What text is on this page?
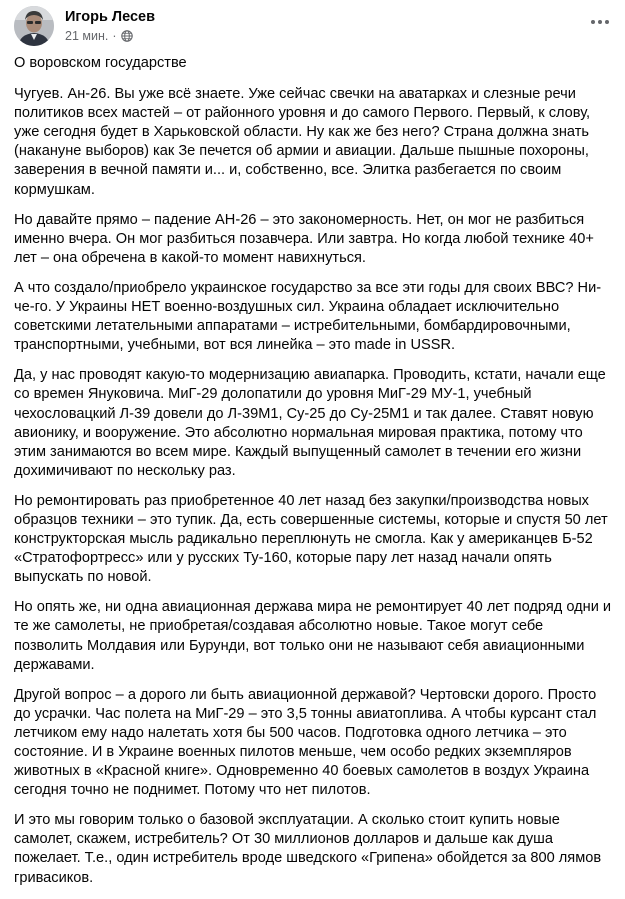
Игорь Лесев
21 мин. ·

О воровском государстве

Чугуев. Ан-26. Вы уже всё знаете. Уже сейчас свечки на аватарках и слезные речи политиков всех мастей – от районного уровня и до самого Первого. Первый, к слову, уже сегодня будет в Харьковской области. Ну как же без него? Страна должна знать (накануне выборов) как Зе печется об армии и авиации. Дальше пышные похороны, заверения в вечной памяти и... и, собственно, все. Элитка разбегается по своим кормушкам.

Но давайте прямо – падение АН-26 – это закономерность. Нет, он мог не разбиться именно вчера. Он мог разбиться позавчера. Или завтра. Но когда любой технике 40+ лет – она обречена в какой-то момент навихнуться.

А что создало/приобрело украинское государство за все эти годы для своих ВВС? Ни-че-го. У Украины НЕТ военно-воздушных сил. Украина обладает исключительно советскими летательными аппаратами – истребительными, бомбардировочными, транспортными, учебными, вот вся линейка – это made in USSR.

Да, у нас проводят какую-то модернизацию авиапарка. Проводить, кстати, начали еще со времен Януковича. МиГ-29 долопатили до уровня МиГ-29 МУ-1, учебный чехословацкий Л-39 довели до Л-39М1, Су-25 до Су-25М1 и так далее. Ставят новую авионику, и вооружение. Это абсолютно нормальная мировая практика, потому что этим занимаются во всем мире. Каждый выпущенный самолет в течении его жизни дохимичивают по нескольку раз.

Но ремонтировать раз приобретенное 40 лет назад без закупки/производства новых образцов техники – это тупик. Да, есть совершенные системы, которые и спустя 50 лет конструкторская мысль радикально переплюнуть не смогла. Как у американцев Б-52 «Стратофортресс» или у русских Ту-160, которые пару лет назад начали опять выпускать по новой.

Но опять же, ни одна авиационная держава мира не ремонтирует 40 лет подряд одни и те же самолеты, не приобретая/создавая абсолютно новые. Такое могут себе позволить Молдавия или Бурунди, вот только они не называют себя авиационными державами.

Другой вопрос – а дорого ли быть авиационной державой? Чертовски дорого. Просто до усрачки. Час полета на МиГ-29 – это 3,5 тонны авиатоплива. А чтобы курсант стал летчиком ему надо налетать хотя бы 500 часов. Подготовка одного летчика – это состояние. И в Украине военных пилотов меньше, чем особо редких экземпляров животных в «Красной книге». Одновременно 40 боевых самолетов в воздух Украина сегодня точно не поднимет. Потому что нет пилотов.

И это мы говорим только о базовой эксплуатации. А сколько стоит купить новые самолет, скажем, истребитель? От 30 миллионов долларов и дальше как душа пожелает. Т.е., один истребитель вроде шведского «Грипена» обойдется за 800 лямов гривасиков.
